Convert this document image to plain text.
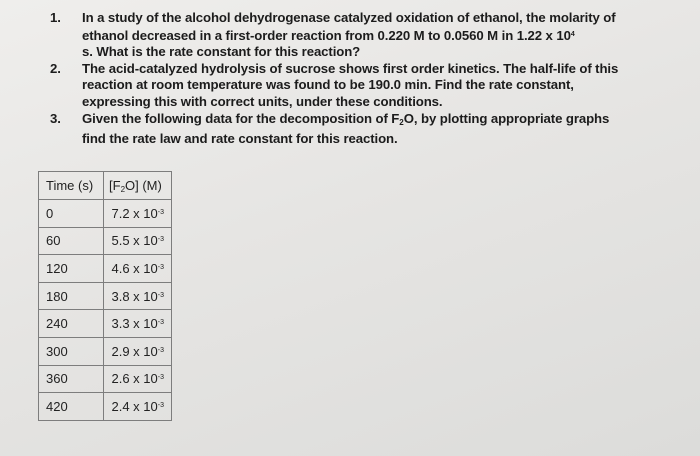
1. In a study of the alcohol dehydrogenase catalyzed oxidation of ethanol, the molarity of
ethanol decreased in a first-order reaction from 0.220 M to 0.0560 M in 1.22 x $10^4$
s. What is the rate constant for this reaction?
2. The acid-catalyzed hydrolysis of sucrose shows first order kinetics. The half-life of this
reaction at room temperature was found to be 190.0 min. Find the rate constant,
expressing this with correct units, under these conditions.
3. Given the following data for the decomposition of $F_2O$, by plotting appropriate graphs
find the rate law and rate constant for this reaction.
Time (s)	$[F_2O]$ (M)
0	7.2 x $10^{-3}$
60	5.5 x $10^{-3}$
120	4.6 x $10^{-3}$
180	3.8 x $10^{-3}$
240	3.3 x $10^{-3}$
300	2.9 x $10^{-3}$
360	2.6 x $10^{-3}$
420	2.4 x $10^{-3}$
